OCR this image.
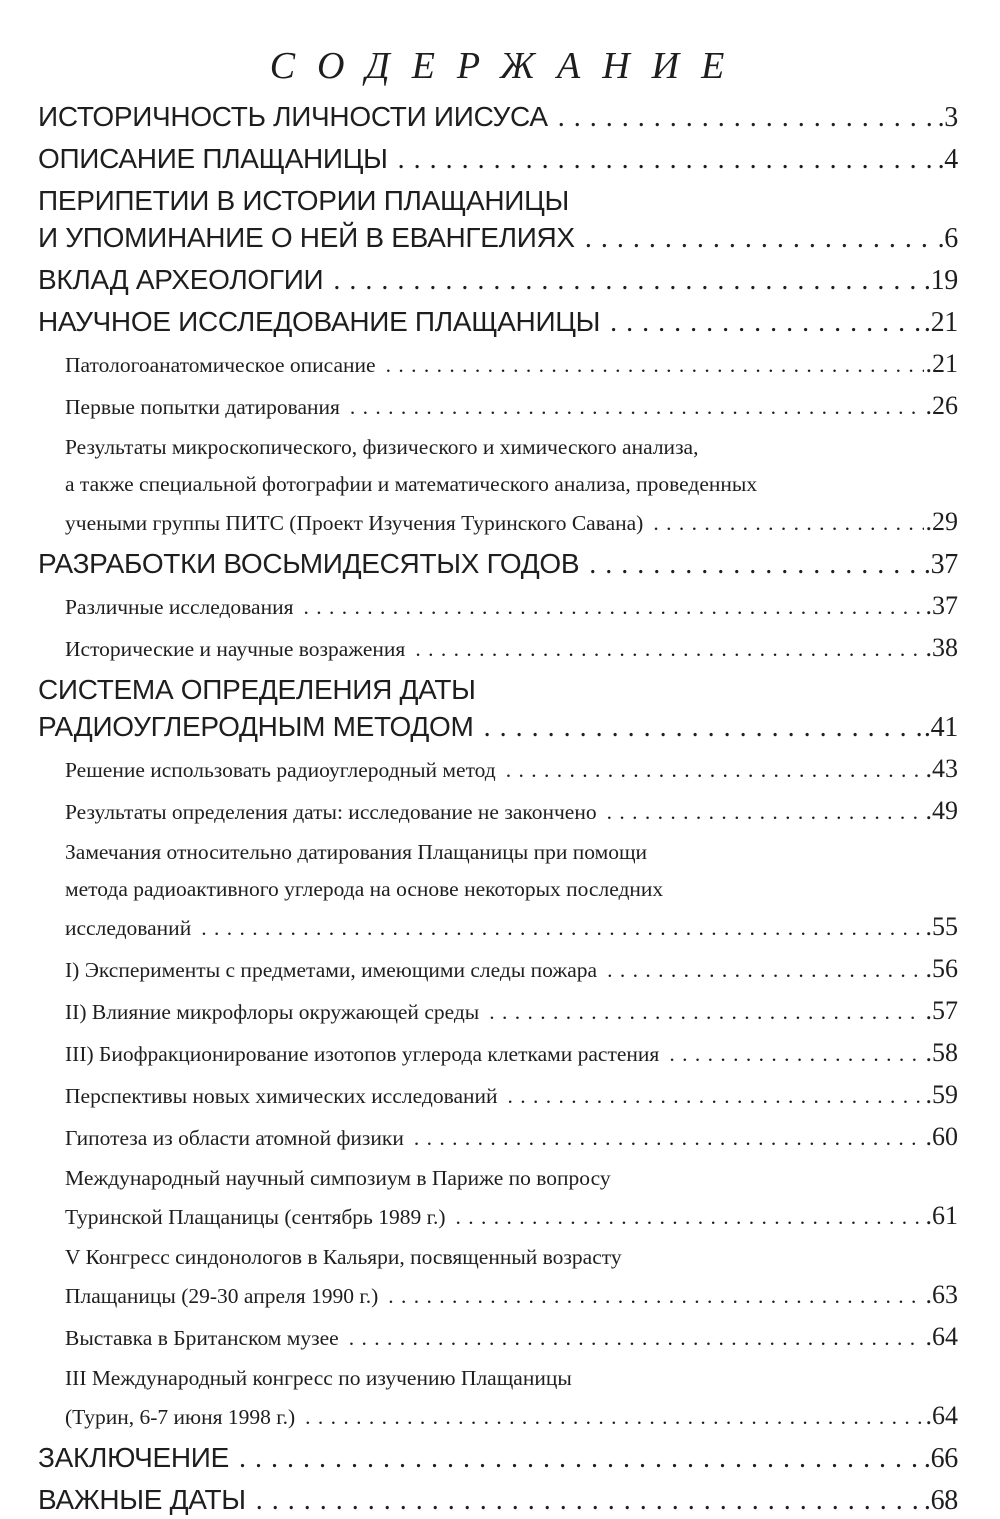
СОДЕРЖАНИЕ
ИСТОРИЧНОСТЬ ЛИЧНОСТИ ИИСУСА . . .	.3
ОПИСАНИЕ ПЛАЩАНИЦЫ . . .	.4
ПЕРИПЕТИИ В ИСТОРИИ ПЛАЩАНИЦЫ
И УПОМИНАНИЕ О НЕЙ В ЕВАНГЕЛИЯХ . . .	.6
ВКЛАД АРХЕОЛОГИИ . . .	.19
НАУЧНОЕ ИССЛЕДОВАНИЕ ПЛАЩАНИЦЫ . . .	.21
Патологоанатомическое описание . . .	.21
Первые попытки датирования . . .	.26
Результаты микроскопического, физического и химического анализа,
а также специальной фотографии и математического анализа, проведенных
учеными группы ПИТС (Проект Изучения Туринского Савана) . . .	.29
РАЗРАБОТКИ ВОСЬМИДЕСЯТЫХ ГОДОВ . . .	.37
Различные исследования . . .	.37
Исторические и научные возражения . . .	.38
СИСТЕМА ОПРЕДЕЛЕНИЯ ДАТЫ
РАДИОУГЛЕРОДНЫМ МЕТОДОМ . . .	.41
Решение использовать радиоуглеродный метод . . .	.43
Результаты определения даты: исследование не закончено . . .	.49
Замечания относительно датирования Плащаницы при помощи
метода радиоактивного углерода на основе некоторых последних
исследований . . .	.55
I) Эксперименты с предметами, имеющими следы пожара . . .	.56
II) Влияние микрофлоры окружающей среды . . .	.57
III) Биофракционирование изотопов углерода клетками растения . . .	.58
Перспективы новых химических исследований . . .	.59
Гипотеза из области атомной физики . . .	.60
Международный научный симпозиум в Париже по вопросу
Туринской Плащаницы (сентябрь 1989 г.) . . .	.61
V Конгресс синдонологов в Кальяри, посвященный возрасту
Плащаницы (29-30 апреля 1990 г.) . . .	.63
Выставка в Британском музее . . .	.64
III Международный конгресс по изучению Плащаницы
(Турин, 6-7 июня 1998 г.) . . .	.64
ЗАКЛЮЧЕНИЕ . . .	.66
ВАЖНЫЕ ДАТЫ . . .	.68
